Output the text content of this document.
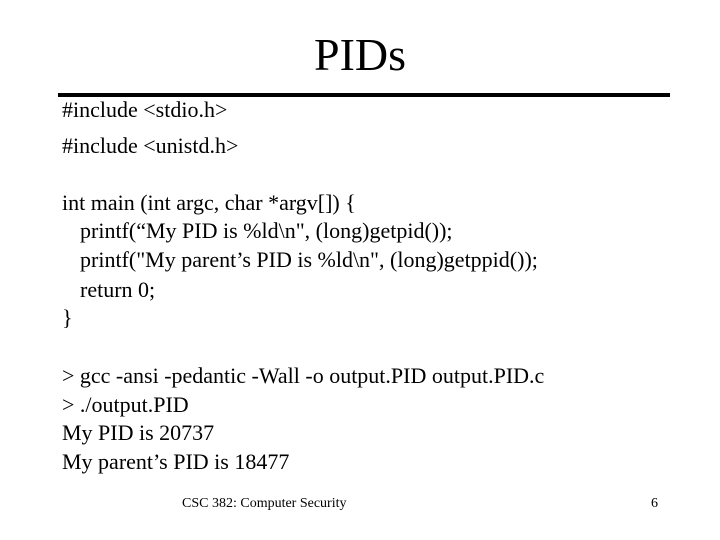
PIDs
#include <stdio.h>
#include <unistd.h>
int main (int argc, char *argv[]) {
printf(“My PID is %ld\n", (long)getpid());
printf("My parent’s PID is %ld\n", (long)getppid());
return 0;
}
> gcc -ansi -pedantic -Wall -o output.PID output.PID.c
> ./output.PID
My PID is 20737
My parent’s PID is 18477
CSC 382: Computer Security	6
